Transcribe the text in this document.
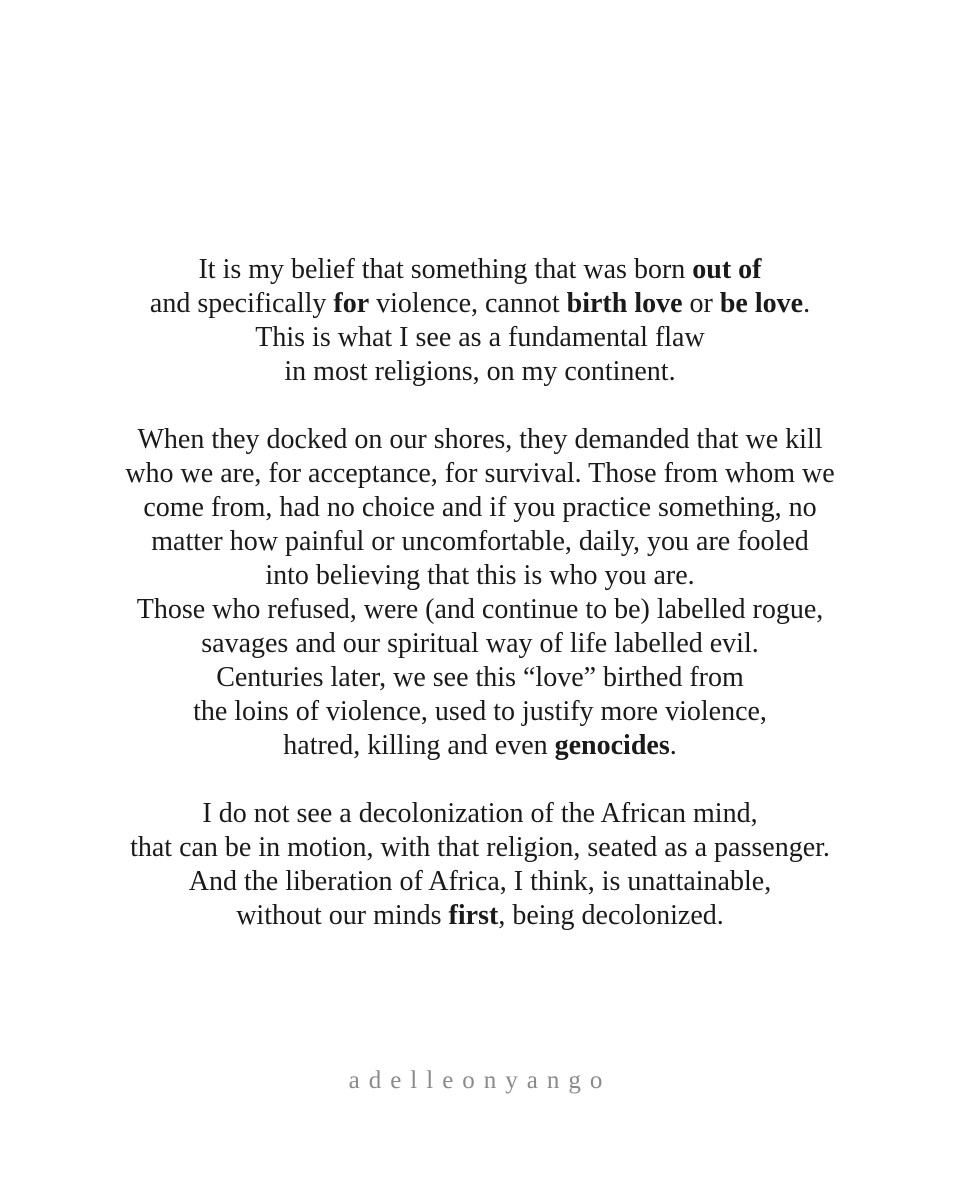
It is my belief that something that was born out of
and specifically for violence, cannot birth love or be love.
This is what I see as a fundamental flaw
in most religions, on my continent.

When they docked on our shores, they demanded that we kill
who we are, for acceptance, for survival. Those from whom we
come from, had no choice and if you practice something, no
matter how painful or uncomfortable, daily, you are fooled
into believing that this is who you are.
Those who refused, were (and continue to be) labelled rogue,
savages and our spiritual way of life labelled evil.
Centuries later, we see this “love” birthed from
the loins of violence, used to justify more violence,
hatred, killing and even genocides.

I do not see a decolonization of the African mind,
that can be in motion, with that religion, seated as a passenger.
And the liberation of Africa, I think, is unattainable,
without our minds first, being decolonized.

adelleonyango
